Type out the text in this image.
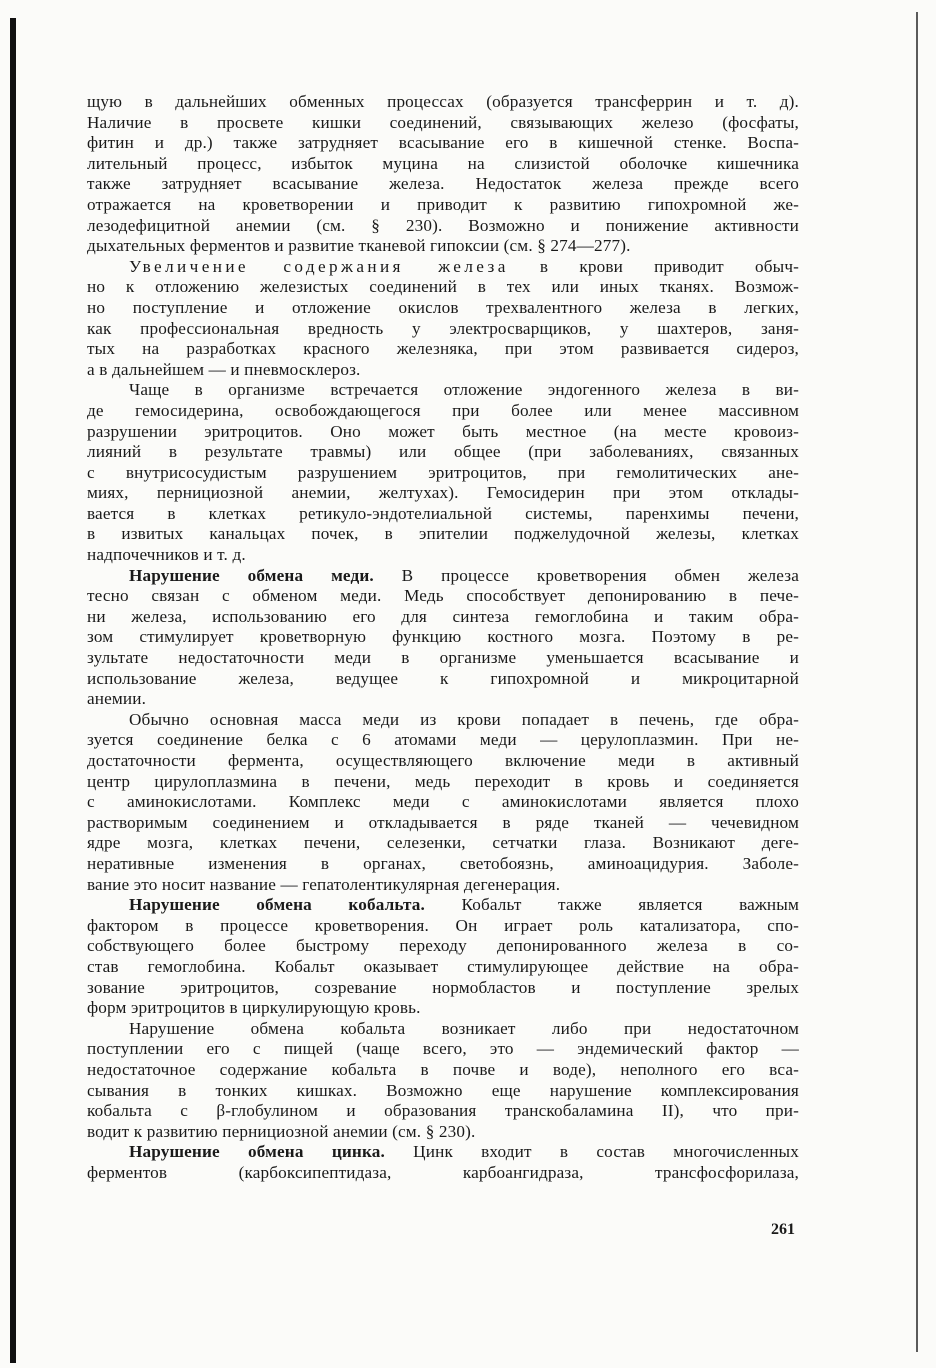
щую в дальнейших обменных процессах (образуется трансферрин и т. д).
Наличие в просвете кишки соединений, связывающих железо (фосфаты,
фитин и др.) также затрудняет всасывание его в кишечной стенке. Воспа-
лительный процесс, избыток муцина на слизистой оболочке кишечника
также затрудняет всасывание железа. Недостаток железа прежде всего
отражается на кроветворении и приводит к развитию гипохромной же-
лезодефицитной анемии (см. § 230). Возможно и понижение активности
дыхательных ферментов и развитие тканевой гипоксии (см. § 274—277).
Увеличение содержания железа в крови приводит обыч-
но к отложению железистых соединений в тех или иных тканях. Возмож-
но поступление и отложение окислов трехвалентного железа в легких,
как профессиональная вредность у электросварщиков, у шахтеров, заня-
тых на разработках красного железняка, при этом развивается сидероз,
а в дальнейшем — и пневмосклероз.
Чаще в организме встречается отложение эндогенного железа в ви-
де гемосидерина, освобождающегося при более или менее массивном
разрушении эритроцитов. Оно может быть местное (на месте кровоиз-
лияний в результате травмы) или общее (при заболеваниях, связанных
с внутрисосудистым разрушением эритроцитов, при гемолитических ане-
миях, пернициозной анемии, желтухах). Гемосидерин при этом отклады-
вается в клетках ретикуло-эндотелиальной системы, паренхимы печени,
в извитых канальцах почек, в эпителии поджелудочной железы, клетках
надпочечников и т. д.
Нарушение обмена меди. В процессе кроветворения обмен железа
тесно связан с обменом меди. Медь способствует депонированию в пече-
ни железа, использованию его для синтеза гемоглобина и таким обра-
зом стимулирует кроветворную функцию костного мозга. Поэтому в ре-
зультате недостаточности меди в организме уменьшается всасывание и
использование железа, ведущее к гипохромной и микроцитарной
анемии.
Обычно основная масса меди из крови попадает в печень, где обра-
зуется соединение белка с 6 атомами меди — церулоплазмин. При не-
достаточности фермента, осуществляющего включение меди в активный
центр цирулоплазмина в печени, медь переходит в кровь и соединяется
с аминокислотами. Комплекс меди с аминокислотами является плохо
растворимым соединением и откладывается в ряде тканей — чечевидном
ядре мозга, клетках печени, селезенки, сетчатки глаза. Возникают деге-
неративные изменения в органах, светобоязнь, аминоацидурия. Заболе-
вание это носит название — гепатолентикулярная дегенерация.
Нарушение обмена кобальта. Кобальт также является важным
фактором в процессе кроветворения. Он играет роль катализатора, спо-
собствующего более быстрому переходу депонированного железа в со-
став гемоглобина. Кобальт оказывает стимулирующее действие на обра-
зование эритроцитов, созревание нормобластов и поступление зрелых
форм эритроцитов в циркулирующую кровь.
Нарушение обмена кобальта возникает либо при недостаточном
поступлении его с пищей (чаще всего, это — эндемический фактор —
недостаточное содержание кобальта в почве и воде), неполного его вса-
сывания в тонких кишках. Возможно еще нарушение комплексирования
кобальта с β-глобулином и образования транскобаламина II), что при-
водит к развитию пернициозной анемии (см. § 230).
Нарушение обмена цинка. Цинк входит в состав многочисленных
ферментов (карбоксипептидаза, карбоангидраза, трансфосфорилаза,
261
